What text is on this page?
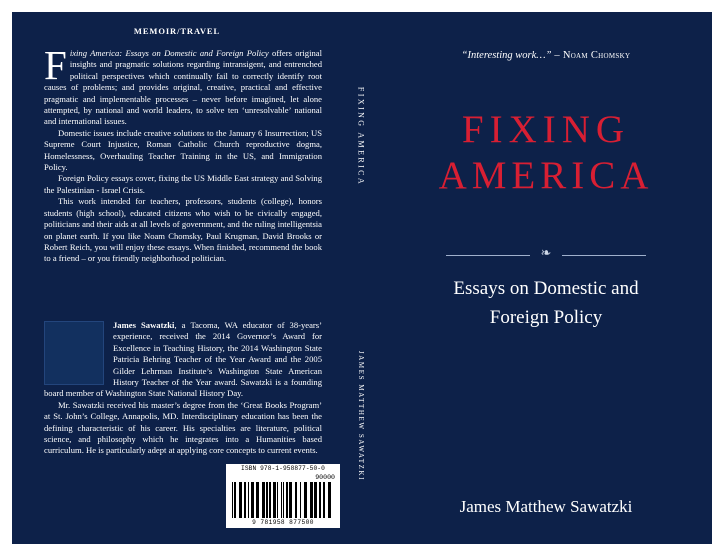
MEMOIR/TRAVEL

F ixing America: Essays on Domestic and Foreign Policy offers original insights and pragmatic solutions regarding intransigent, and entrenched political perspectives which continually fail to correctly identify root causes of problems; and provides original, creative, practical and effective pragmatic and implementable processes – never before imagined, let alone attempted, by national and world leaders, to solve ten ‘unresolvable’ national and international issues.

Domestic issues include creative solutions to the January 6 Insurrection; US Supreme Court Injustice, Roman Catholic Church reproductive dogma, Homelessness, Overhauling Teacher Training in the US, and Immigration Policy.

Foreign Policy essays cover, fixing the US Middle East strategy and Solving the Palestinian - Israel Crisis.

This work intended for teachers, professors, students (college), honors students (high school), educated citizens who wish to be civically engaged, politicians and their aids at all levels of government, and the ruling intelligentsia on planet earth. If you like Noam Chomsky, Paul Krugman, David Brooks or Robert Reich, you will enjoy these essays. When finished, recommend the book to a friend – or you friendly neighborhood politician.

James Sawatzki, a Tacoma, WA educator of 38-years’ experience, received the 2014 Governor’s Award for Excellence in Teaching History, the 2014 Washington State Patricia Behring Teacher of the Year Award and the 2005 Gilder Lehrman Institute’s Washington State American History Teacher of the Year award. Sawatzki is a founding board member of Washington State National History Day.

Mr. Sawatzki received his master’s degree from the ‘Great Books Program’ at St. John’s College, Annapolis, MD. Interdisciplinary education has been the defining characteristic of his career. His specialties are literature, political science, and philosophy which he integrates into a Humanities based curriculum. He is particularly adept at applying core concepts to current events.

ISBN 978-1-958877-50-0
90000
9 781958 877500
FIXING AMERICA
JAMES MATTHEW SAWATZKI
“Interesting work…” – Noam Chomsky
FIXING
AMERICA
❧
Essays on Domestic and
Foreign Policy
James Matthew Sawatzki
